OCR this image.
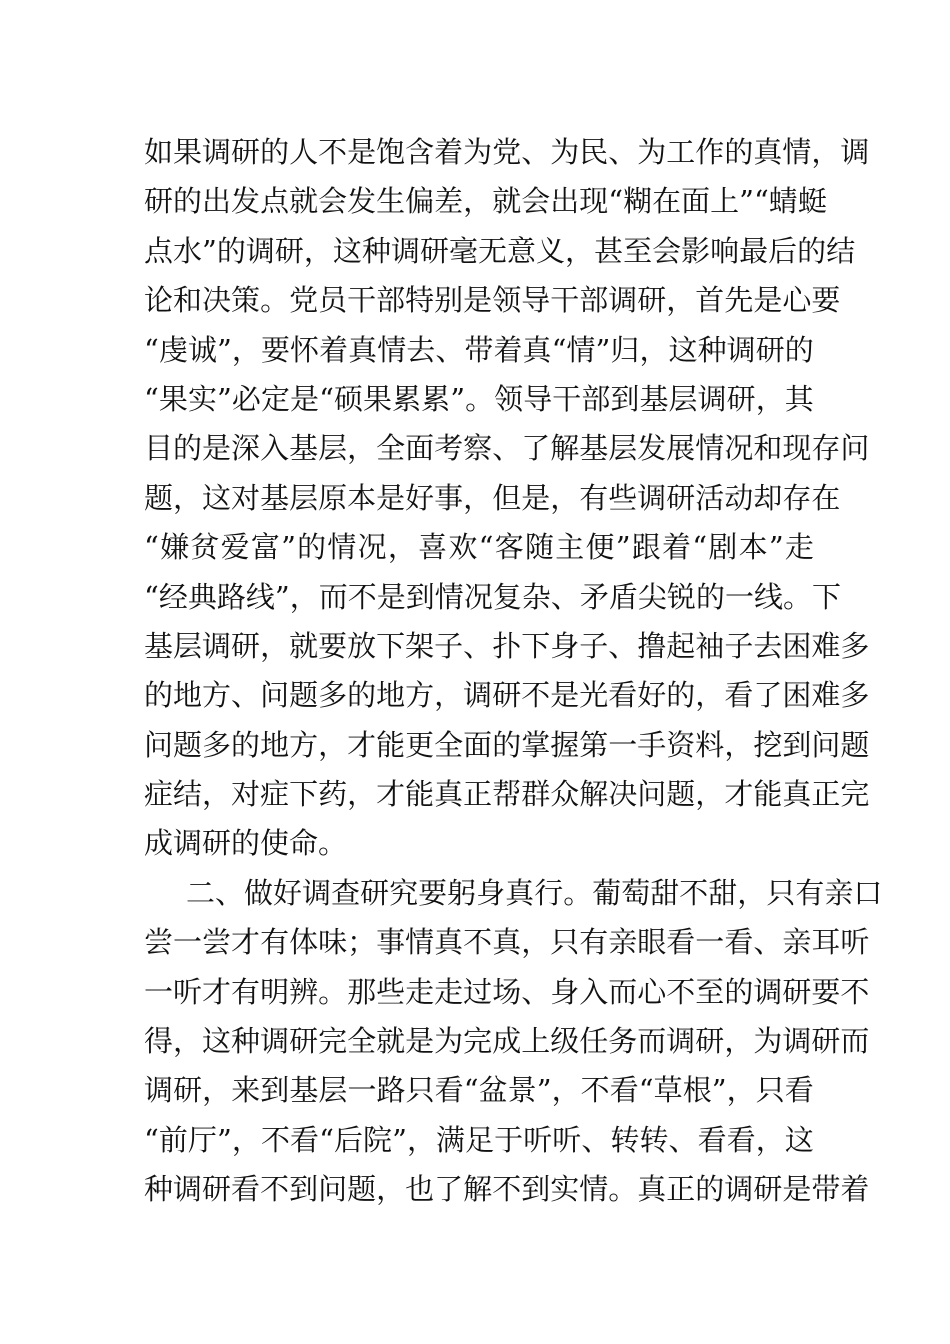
如 果 调 研 的 人 不 是 饱 含 着 为 党 、 为 民 、 为 工 作 的 真 情 ， 调
研 的 出 发 点 就 会 发 生 偏 差 ， 就 会 出 现 “ 糊 在 面 上 ” “ 蜻 蜓
点 水 ” 的 调 研 ， 这 种 调 研 毫 无 意 义 ， 甚 至 会 影 响 最 后 的 结
论 和 决 策 。 党 员 干 部 特 别 是 领 导 干 部 调 研 ， 首 先 是 心 要
“ 虔 诚 ” ， 要 怀 着 真 情 去 、 带 着 真 “ 情 ” 归 ， 这 种 调 研 的
“ 果 实 ” 必 定 是 “ 硕 果 累 累 ” 。 领 导 干 部 到 基 层 调 研 ， 其
目 的 是 深 入 基 层 ， 全 面 考 察 、 了 解 基 层 发 展 情 况 和 现 存 问
题 ， 这 对 基 层 原 本 是 好 事 ， 但 是 ， 有 些 调 研 活 动 却 存 在
“ 嫌 贫 爱 富 ” 的 情 况 ， 喜 欢 “ 客 随 主 便 ” 跟 着 “ 剧 本 ” 走
“ 经 典 路 线 ” ， 而 不 是 到 情 况 复 杂 、 矛 盾 尖 锐 的 一 线 。 下
基 层 调 研 ， 就 要 放 下 架 子 、 扑 下 身 子 、 撸 起 袖 子 去 困 难 多
的 地 方 、 问 题 多 的 地 方 ， 调 研 不 是 光 看 好 的 ， 看 了 困 难 多
问 题 多 的 地 方 ， 才 能 更 全 面 的 掌 握 第 一 手 资 料 ， 挖 到 问 题
症 结 ， 对 症 下 药 ， 才 能 真 正 帮 群 众 解 决 问 题 ， 才 能 真 正 完
成调研的使命。
二 、 做 好 调 查 研 究 要 躬 身 真 行 。 葡 萄 甜 不 甜 ， 只 有 亲 口
尝 一 尝 才 有 体 味 ； 事 情 真 不 真 ， 只 有 亲 眼 看 一 看 、 亲 耳 听
一 听 才 有 明 辨 。 那 些 走 走 过 场 、 身 入 而 心 不 至 的 调 研 要 不
得 ， 这 种 调 研 完 全 就 是 为 完 成 上 级 任 务 而 调 研 ， 为 调 研 而
调 研 ， 来 到 基 层 一 路 只 看 “ 盆 景 ” ， 不 看 “ 草 根 ” ， 只 看
“ 前 厅 ” ， 不 看 “ 后 院 ” ， 满 足 于 听 听 、 转 转 、 看 看 ， 这
种 调 研 看 不 到 问 题 ， 也 了 解 不 到 实 情 。 真 正 的 调 研 是 带 着
